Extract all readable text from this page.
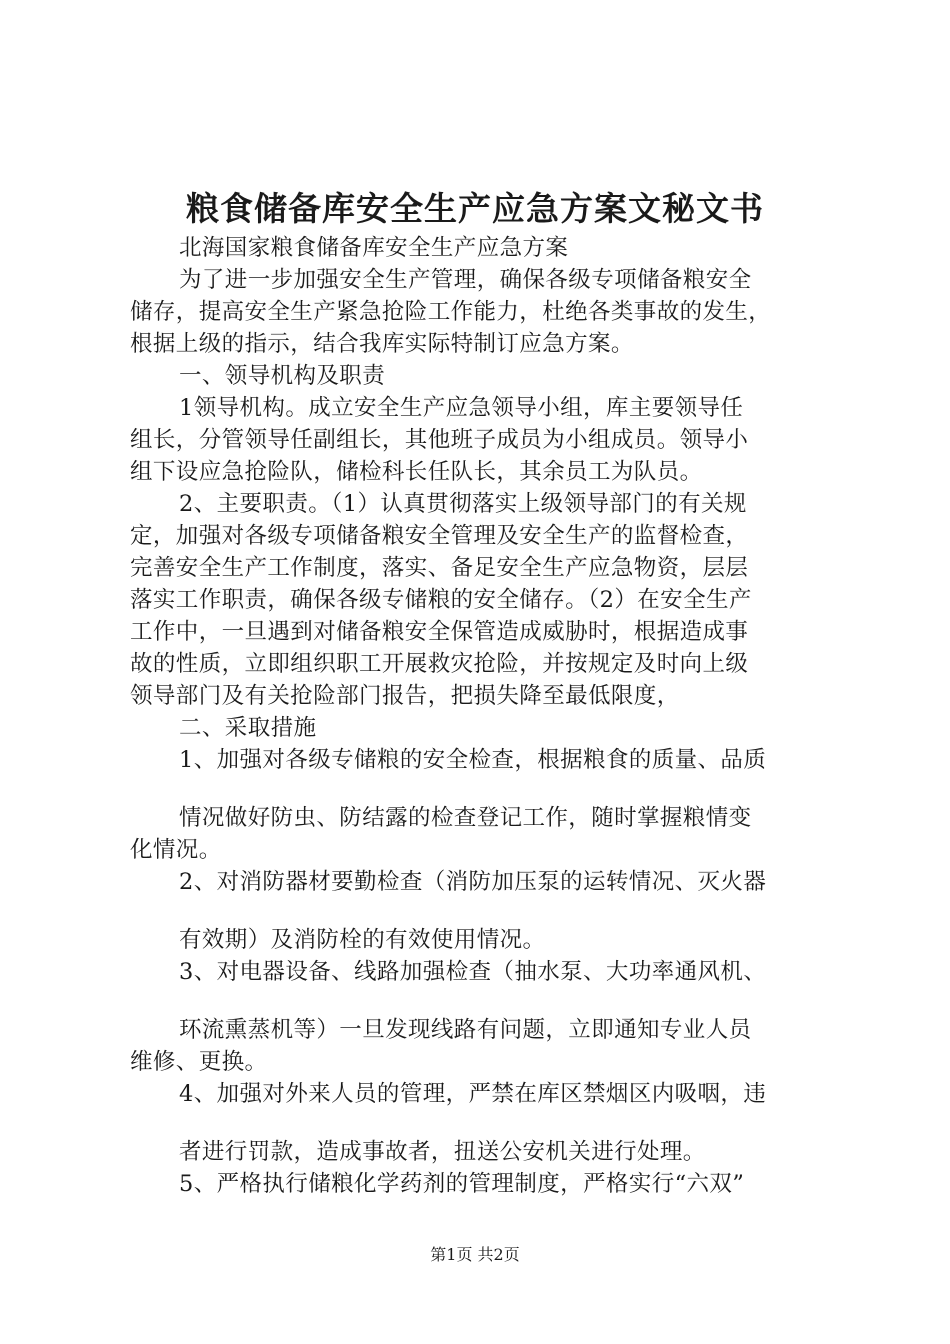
粮食储备库安全生产应急方案文秘文书
北海国家粮食储备库安全生产应急方案
为了进一步加强安全生产管理，确保各级专项储备粮安全
储存，提高安全生产紧急抢险工作能力，杜绝各类事故的发生，
根据上级的指示，结合我库实际特制订应急方案。
一、领导机构及职责
1领导机构。成立安全生产应急领导小组，库主要领导任
组长，分管领导任副组长，其他班子成员为小组成员。领导小
组下设应急抢险队，储检科长任队长，其余员工为队员。
2、主要职责。（1）认真贯彻落实上级领导部门的有关规
定，加强对各级专项储备粮安全管理及安全生产的监督检查，
完善安全生产工作制度，落实、备足安全生产应急物资，层层
落实工作职责，确保各级专储粮的安全储存。（2）在安全生产
工作中，一旦遇到对储备粮安全保管造成威胁时，根据造成事
故的性质，立即组织职工开展救灾抢险，并按规定及时向上级
领导部门及有关抢险部门报告，把损失降至最低限度，
二、采取措施
1、加强对各级专储粮的安全检查，根据粮食的质量、品质
情况做好防虫、防结露的检查登记工作，随时掌握粮情变
化情况。
2、对消防器材要勤检查（消防加压泵的运转情况、灭火器
有效期）及消防栓的有效使用情况。
3、对电器设备、线路加强检查（抽水泵、大功率通风机、
环流熏蒸机等）一旦发现线路有问题，立即通知专业人员
维修、更换。
4、加强对外来人员的管理，严禁在库区禁烟区内吸咽，违
者进行罚款，造成事故者，扭送公安机关进行处理。
5、严格执行储粮化学药剂的管理制度，严格实行“六双”
第1页 共2页
